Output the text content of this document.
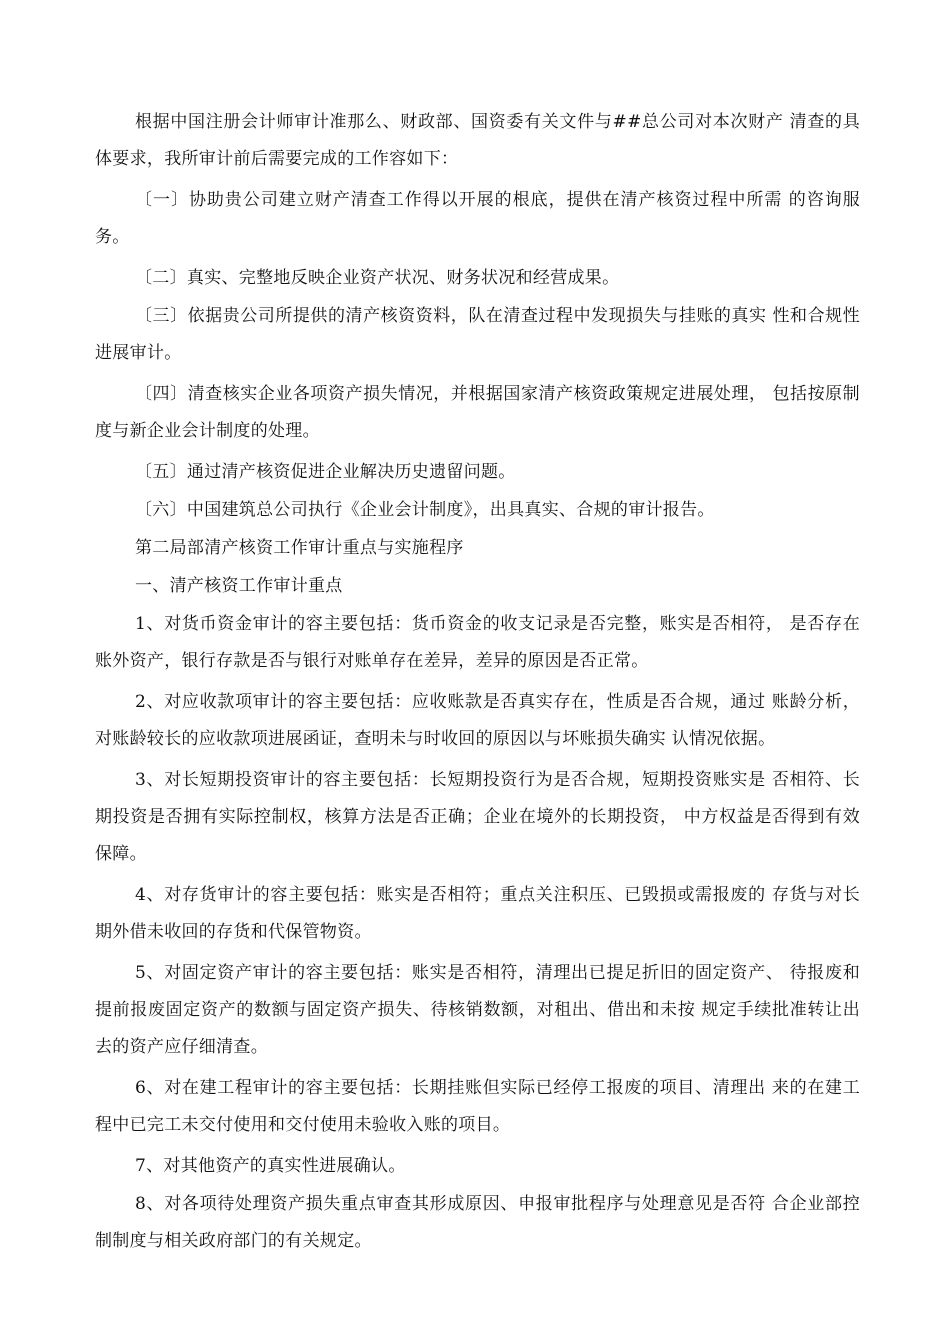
根据中国注册会计师审计准那么、财政部、国资委有关文件与##总公司对本次财产 清查的具体要求，我所审计前后需要完成的工作容如下：

〔一〕协助贵公司建立财产清查工作得以开展的根底，提供在清产核资过程中所需 的咨询服务。

〔二〕真实、完整地反映企业资产状况、财务状况和经营成果。

〔三〕依据贵公司所提供的清产核资资料，队在清查过程中发现损失与挂账的真实 性和合规性进展审计。

〔四〕清查核实企业各项资产损失情况，并根据国家清产核资政策规定进展处理， 包括按原制度与新企业会计制度的处理。

〔五〕通过清产核资促进企业解决历史遗留问题。

〔六〕中国建筑总公司执行《企业会计制度》，出具真实、合规的审计报告。

第二局部清产核资工作审计重点与实施程序

一、清产核资工作审计重点

1、对货币资金审计的容主要包括：货币资金的收支记录是否完整，账实是否相符， 是否存在账外资产，银行存款是否与银行对账单存在差异，差异的原因是否正常。

2、对应收款项审计的容主要包括：应收账款是否真实存在，性质是否合规，通过 账龄分析，对账龄较长的应收款项进展函证，查明未与时收回的原因以与坏账损失确实 认情况依据。

3、对长短期投资审计的容主要包括：长短期投资行为是否合规，短期投资账实是 否相符、长期投资是否拥有实际控制权，核算方法是否正确；企业在境外的长期投资， 中方权益是否得到有效保障。

4、对存货审计的容主要包括：账实是否相符；重点关注积压、已毁损或需报废的 存货与对长期外借未收回的存货和代保管物资。

5、对固定资产审计的容主要包括：账实是否相符，清理出已提足折旧的固定资产、 待报废和提前报废固定资产的数额与固定资产损失、待核销数额，对租出、借出和未按 规定手续批准转让出去的资产应仔细清查。

6、对在建工程审计的容主要包括：长期挂账但实际已经停工报废的项目、清理出 来的在建工程中已完工未交付使用和交付使用未验收入账的项目。

7、对其他资产的真实性进展确认。

8、对各项待处理资产损失重点审查其形成原因、申报审批程序与处理意见是否符 合企业部控制制度与相关政府部门的有关规定。
